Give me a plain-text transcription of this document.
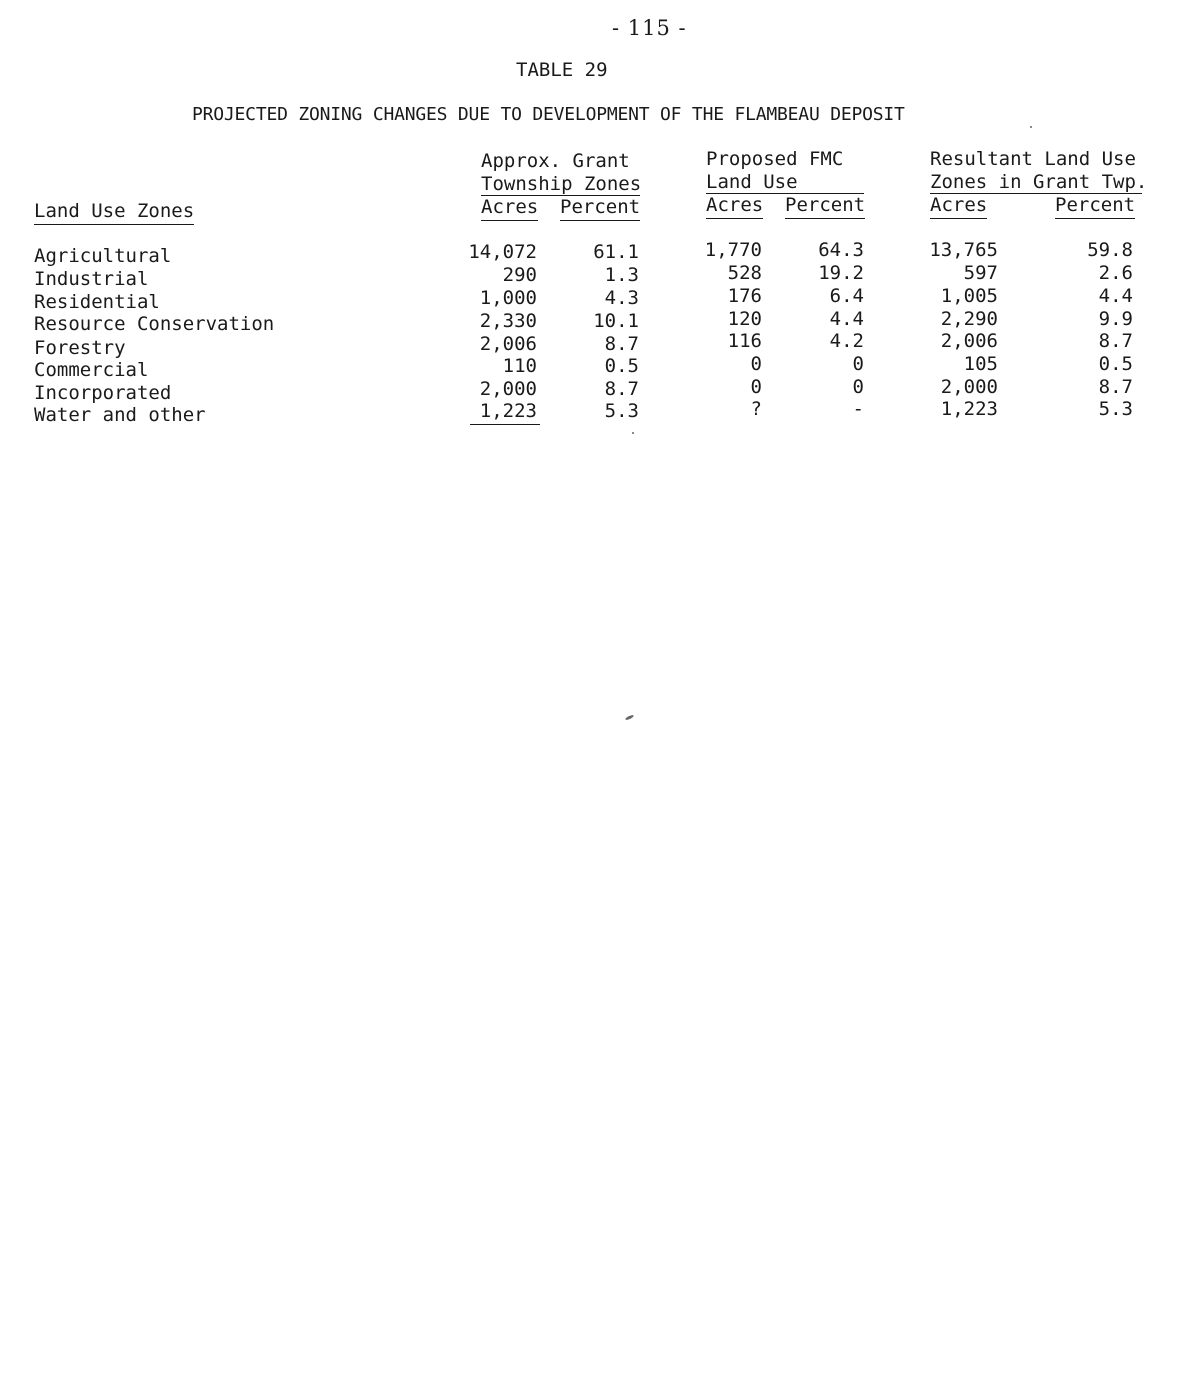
- 115 -
TABLE 29
PROJECTED ZONING CHANGES DUE TO DEVELOPMENT OF THE FLAMBEAU DEPOSIT
Approx. Grant
Township Zones
Proposed FMC
Land Use
Resultant Land Use
Zones in Grant Twp.
Land Use Zones	Acres Percent	Acres Percent	Acres	Percent
Agricultural	14,072	61.1	1,770	64.3	13,765	59.8
Industrial	290	1.3	528	19.2	597	2.6
Residential	1,000	4.3	176	6.4	1,005	4.4
Resource Conservation	2,330	10.1	120	4.4	2,290	9.9
Forestry	2,006	8.7	116	4.2	2,006	8.7
Commercial	110	0.5	0	0	105	0.5
Incorporated	2,000	8.7	0	0	2,000	8.7
Water and other	1,223	5.3	?	-	1,223	5.3
